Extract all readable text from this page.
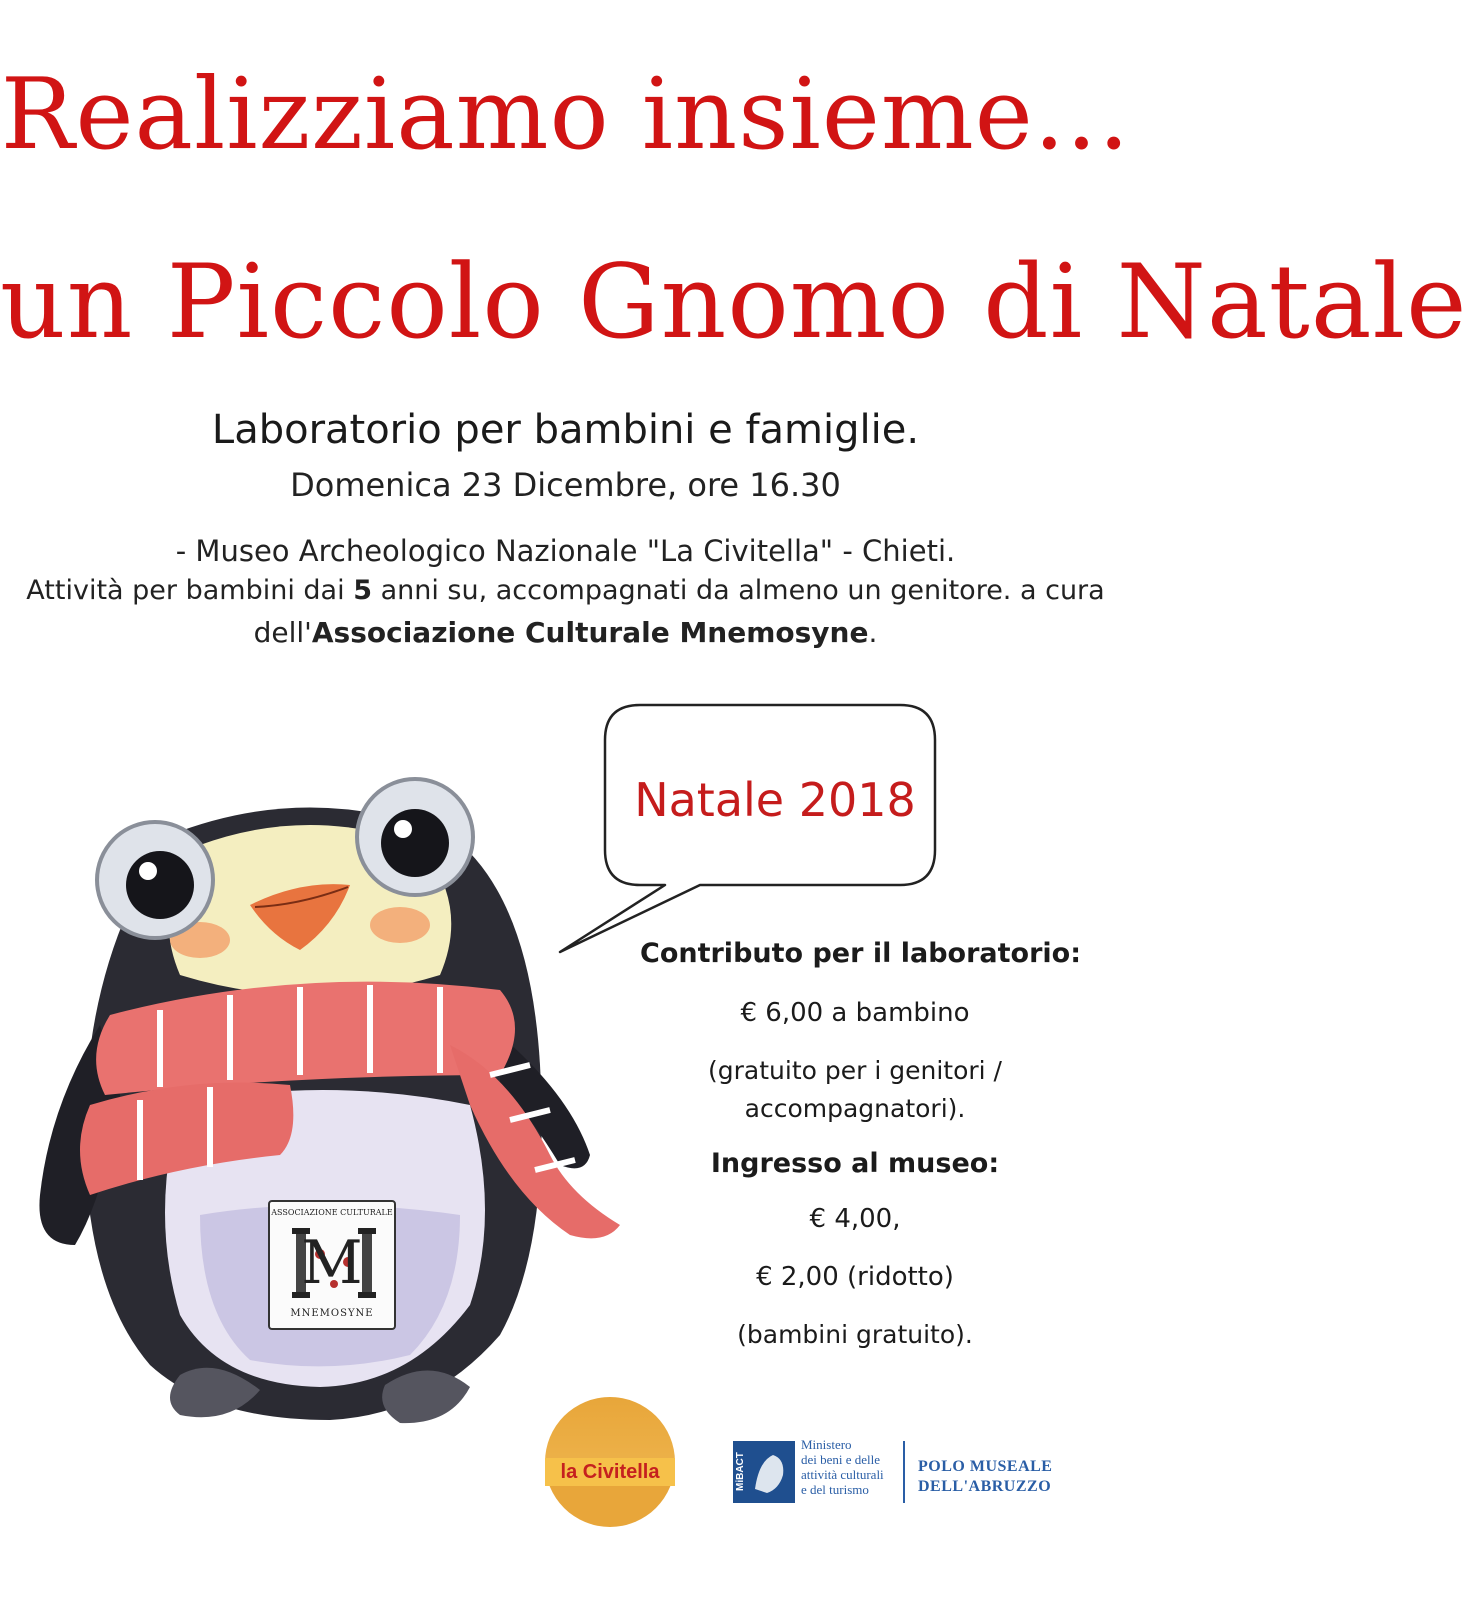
Realizziamo insieme...
un Piccolo Gnomo di Natale
Laboratorio per bambini e famiglie.
Domenica 23 Dicembre, ore 16.30
- Museo Archeologico Nazionale "La Civitella" - Chieti.
Attività per bambini dai 5 anni su, accompagnati da almeno un genitore. a cura
dell'Associazione Culturale Mnemosyne.
Natale 2018
ASSOCIAZIONE CULTURALE
M
MNEMOSYNE
Contributo per il laboratorio:
€ 6,00 a bambino
(gratuito per i genitori /
accompagnatori).
Ingresso al museo:
€ 4,00,
€ 2,00 (ridotto)
(bambini gratuito).
la Civitella	MiBACT
Ministero
dei beni e delle
attività culturali
e del turismo
POLO MUSEALE
DELL'ABRUZZO
